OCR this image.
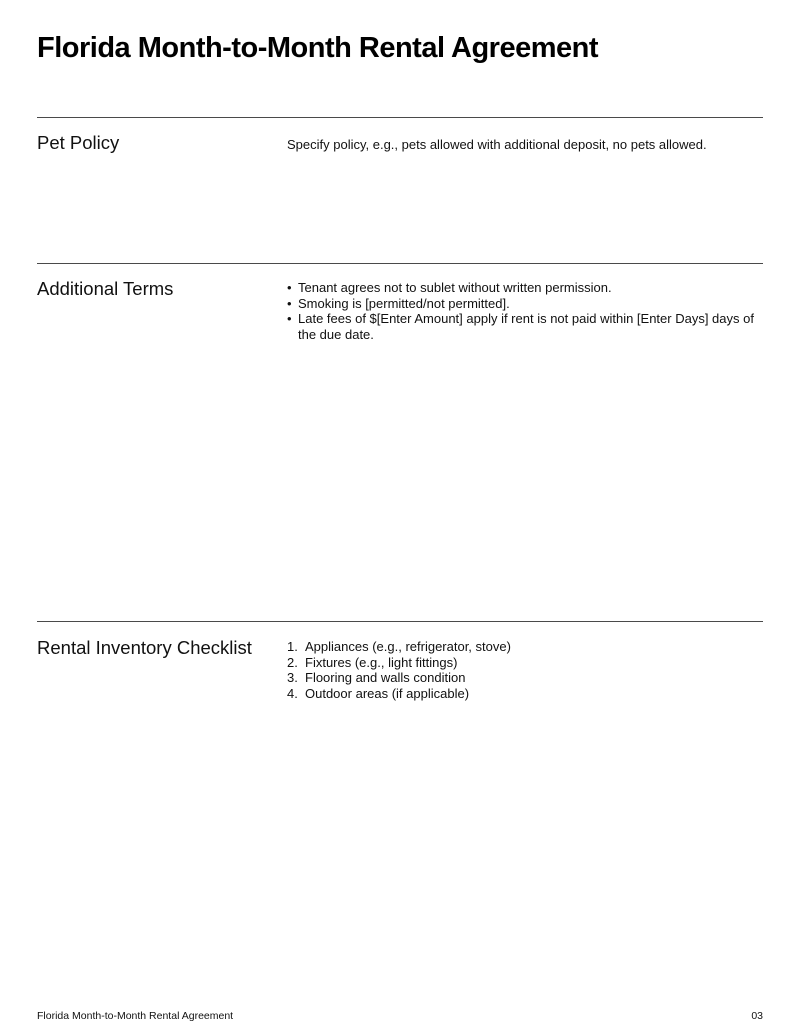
Florida Month-to-Month Rental Agreement
Pet Policy	Specify policy, e.g., pets allowed with additional deposit, no pets allowed.

Additional Terms	• Tenant agrees not to sublet without written permission.
• Smoking is [permitted/not permitted].
• Late fees of $[Enter Amount] apply if rent is not paid within [Enter Days] days of the due date.
Rental Inventory Checklist	1. Appliances (e.g., refrigerator, stove)
2. Fixtures (e.g., light fittings)
3. Flooring and walls condition
4. Outdoor areas (if applicable)
Florida Month-to-Month Rental Agreement	03
